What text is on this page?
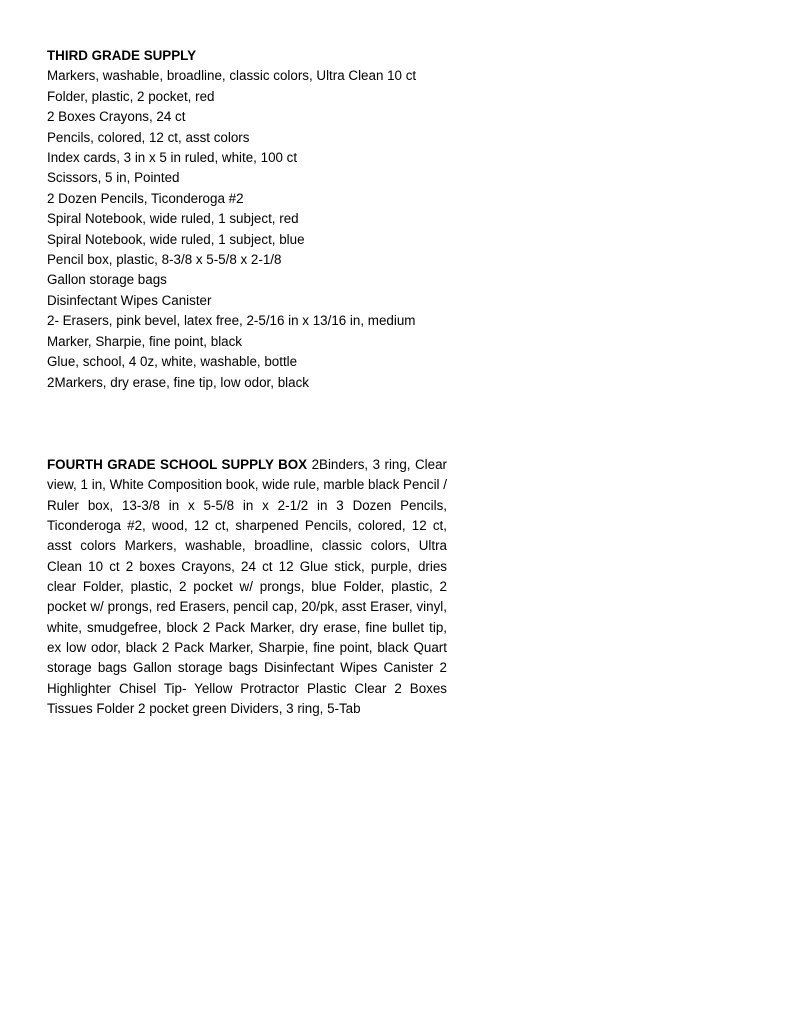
THIRD GRADE SUPPLY
Markers, washable, broadline, classic colors, Ultra Clean 10 ct
Folder, plastic, 2 pocket, red
2 Boxes Crayons, 24 ct
Pencils, colored, 12 ct, asst colors
Index cards, 3 in x 5 in ruled, white, 100 ct
Scissors, 5 in, Pointed
2 Dozen Pencils, Ticonderoga #2
Spiral Notebook, wide ruled, 1 subject, red
Spiral Notebook, wide ruled, 1 subject, blue
Pencil box, plastic, 8-3/8 x 5-5/8 x 2-1/8
Gallon storage bags
Disinfectant Wipes Canister
2- Erasers, pink bevel, latex free, 2-5/16 in x 13/16 in, medium
Marker, Sharpie, fine point, black
Glue, school, 4 0z, white, washable, bottle
2Markers, dry erase, fine tip, low odor, black
FOURTH GRADE SCHOOL SUPPLY BOX 2Binders, 3 ring, Clear view, 1 in, White Composition book, wide rule, marble black Pencil / Ruler box, 13-3/8 in x 5-5/8 in x 2-1/2 in 3 Dozen Pencils, Ticonderoga #2, wood, 12 ct, sharpened Pencils, colored, 12 ct, asst colors Markers, washable, broadline, classic colors, Ultra Clean 10 ct 2 boxes Crayons, 24 ct 12 Glue stick, purple, dries clear Folder, plastic, 2 pocket w/ prongs, blue Folder, plastic, 2 pocket w/ prongs, red Erasers, pencil cap, 20/pk, asst Eraser, vinyl, white, smudgefree, block 2 Pack Marker, dry erase, fine bullet tip, ex low odor, black 2 Pack Marker, Sharpie, fine point, black Quart storage bags Gallon storage bags Disinfectant Wipes Canister 2 Highlighter Chisel Tip- Yellow Protractor Plastic Clear 2 Boxes Tissues Folder 2 pocket green Dividers, 3 ring, 5-Tab
